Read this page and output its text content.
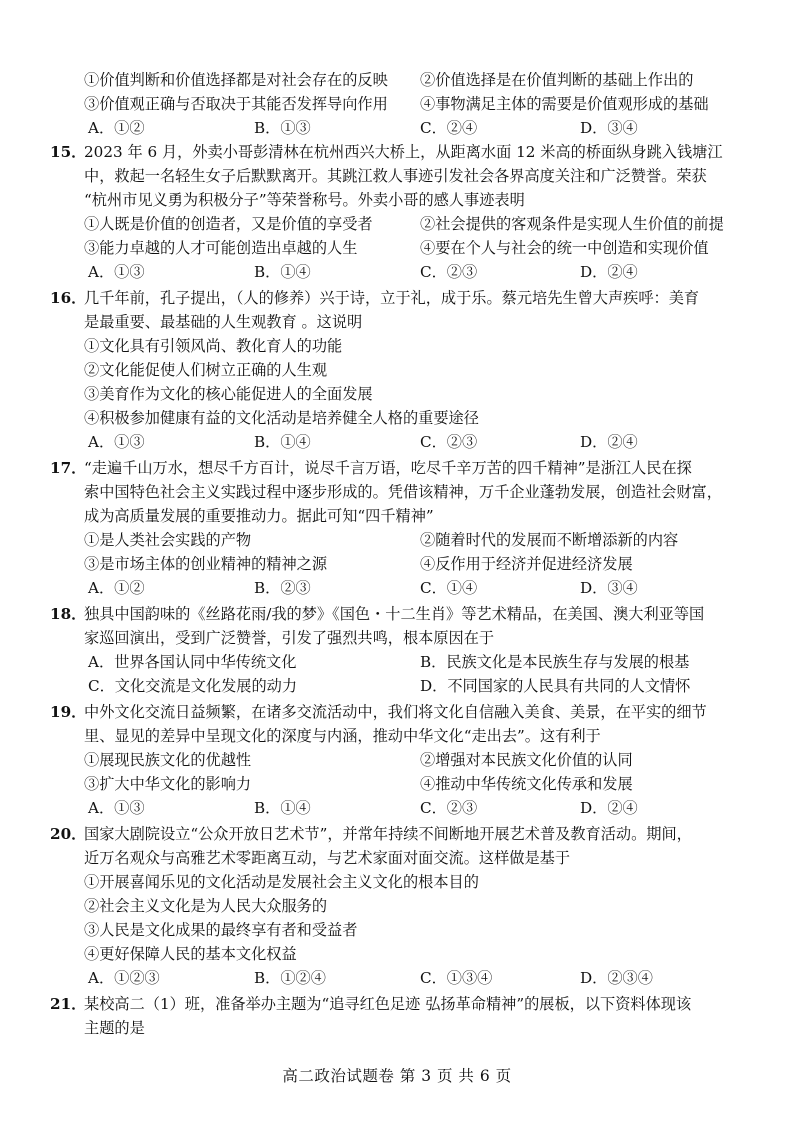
①价值判断和价值选择都是对社会存在的反映 ②价值选择是在价值判断的基础上作出的
③价值观正确与否取决于其能否发挥导向作用 ④事物满足主体的需要是价值观形成的基础
A．①②	B．①③	C．②④	D．③④
15．
2023 年 6 月，外卖小哥彭清林在杭州西兴大桥上，从距离水面 12 米高的桥面纵身跳入钱塘江
中，救起一名轻生女子后默默离开。其跳江救人事迹引发社会各界高度关注和广泛赞誉。荣获
“杭州市见义勇为积极分子”等荣誉称号。外卖小哥的感人事迹表明
①人既是价值的创造者，又是价值的享受者	②社会提供的客观条件是实现人生价值的前提
③能力卓越的人才可能创造出卓越的人生	④要在个人与社会的统一中创造和实现价值
A．①③	B．①④	C．②③	D．②④
16．
几千年前，孔子提出，（人的修养）兴于诗，立于礼，成于乐。蔡元培先生曾大声疾呼：美育
是最重要、最基础的人生观教育 。这说明
①文化具有引领风尚、教化育人的功能
②文化能促使人们树立正确的人生观
③美育作为文化的核心能促进人的全面发展
④积极参加健康有益的文化活动是培养健全人格的重要途径
A．①③	B．①④	C．②③	D．②④
17．
“走遍千山万水，想尽千方百计，说尽千言万语，吃尽千辛万苦的四千精神”是浙江人民在探
索中国特色社会主义实践过程中逐步形成的。凭借该精神，万千企业蓬勃发展，创造社会财富，
成为高质量发展的重要推动力。据此可知“四千精神”
①是人类社会实践的产物	②随着时代的发展而不断增添新的内容
③是市场主体的创业精神的精神之源	④反作用于经济并促进经济发展
A．①②	B．②③	C．①④	D．③④
18．
独具中国韵味的《丝路花雨/我的梦》《国色・十二生肖》等艺术精品，在美国、澳大利亚等国
家巡回演出，受到广泛赞誉，引发了强烈共鸣，根本原因在于
A．世界各国认同中华传统文化	B．民族文化是本民族生存与发展的根基
C．文化交流是文化发展的动力	D．不同国家的人民具有共同的人文情怀
19．
中外文化交流日益频繁，在诸多交流活动中，我们将文化自信融入美食、美景，在平实的细节
里、显见的差异中呈现文化的深度与内涵，推动中华文化“走出去”。这有利于
①展现民族文化的优越性	②增强对本民族文化价值的认同
③扩大中华文化的影响力	④推动中华传统文化传承和发展
A．①③	B．①④	C．②③	D．②④
20．
国家大剧院设立“公众开放日艺术节”，并常年持续不间断地开展艺术普及教育活动。期间，
近万名观众与高雅艺术零距离互动，与艺术家面对面交流。这样做是基于
①开展喜闻乐见的文化活动是发展社会主义文化的根本目的
②社会主义文化是为人民大众服务的
③人民是文化成果的最终享有者和受益者
④更好保障人民的基本文化权益
A．①②③	B．①②④	C．①③④	D．②③④
21．
某校高二（1）班，准备举办主题为“追寻红色足迹 弘扬革命精神”的展板，以下资料体现该
主题的是
高二政治试题卷 第 3 页 共 6 页
